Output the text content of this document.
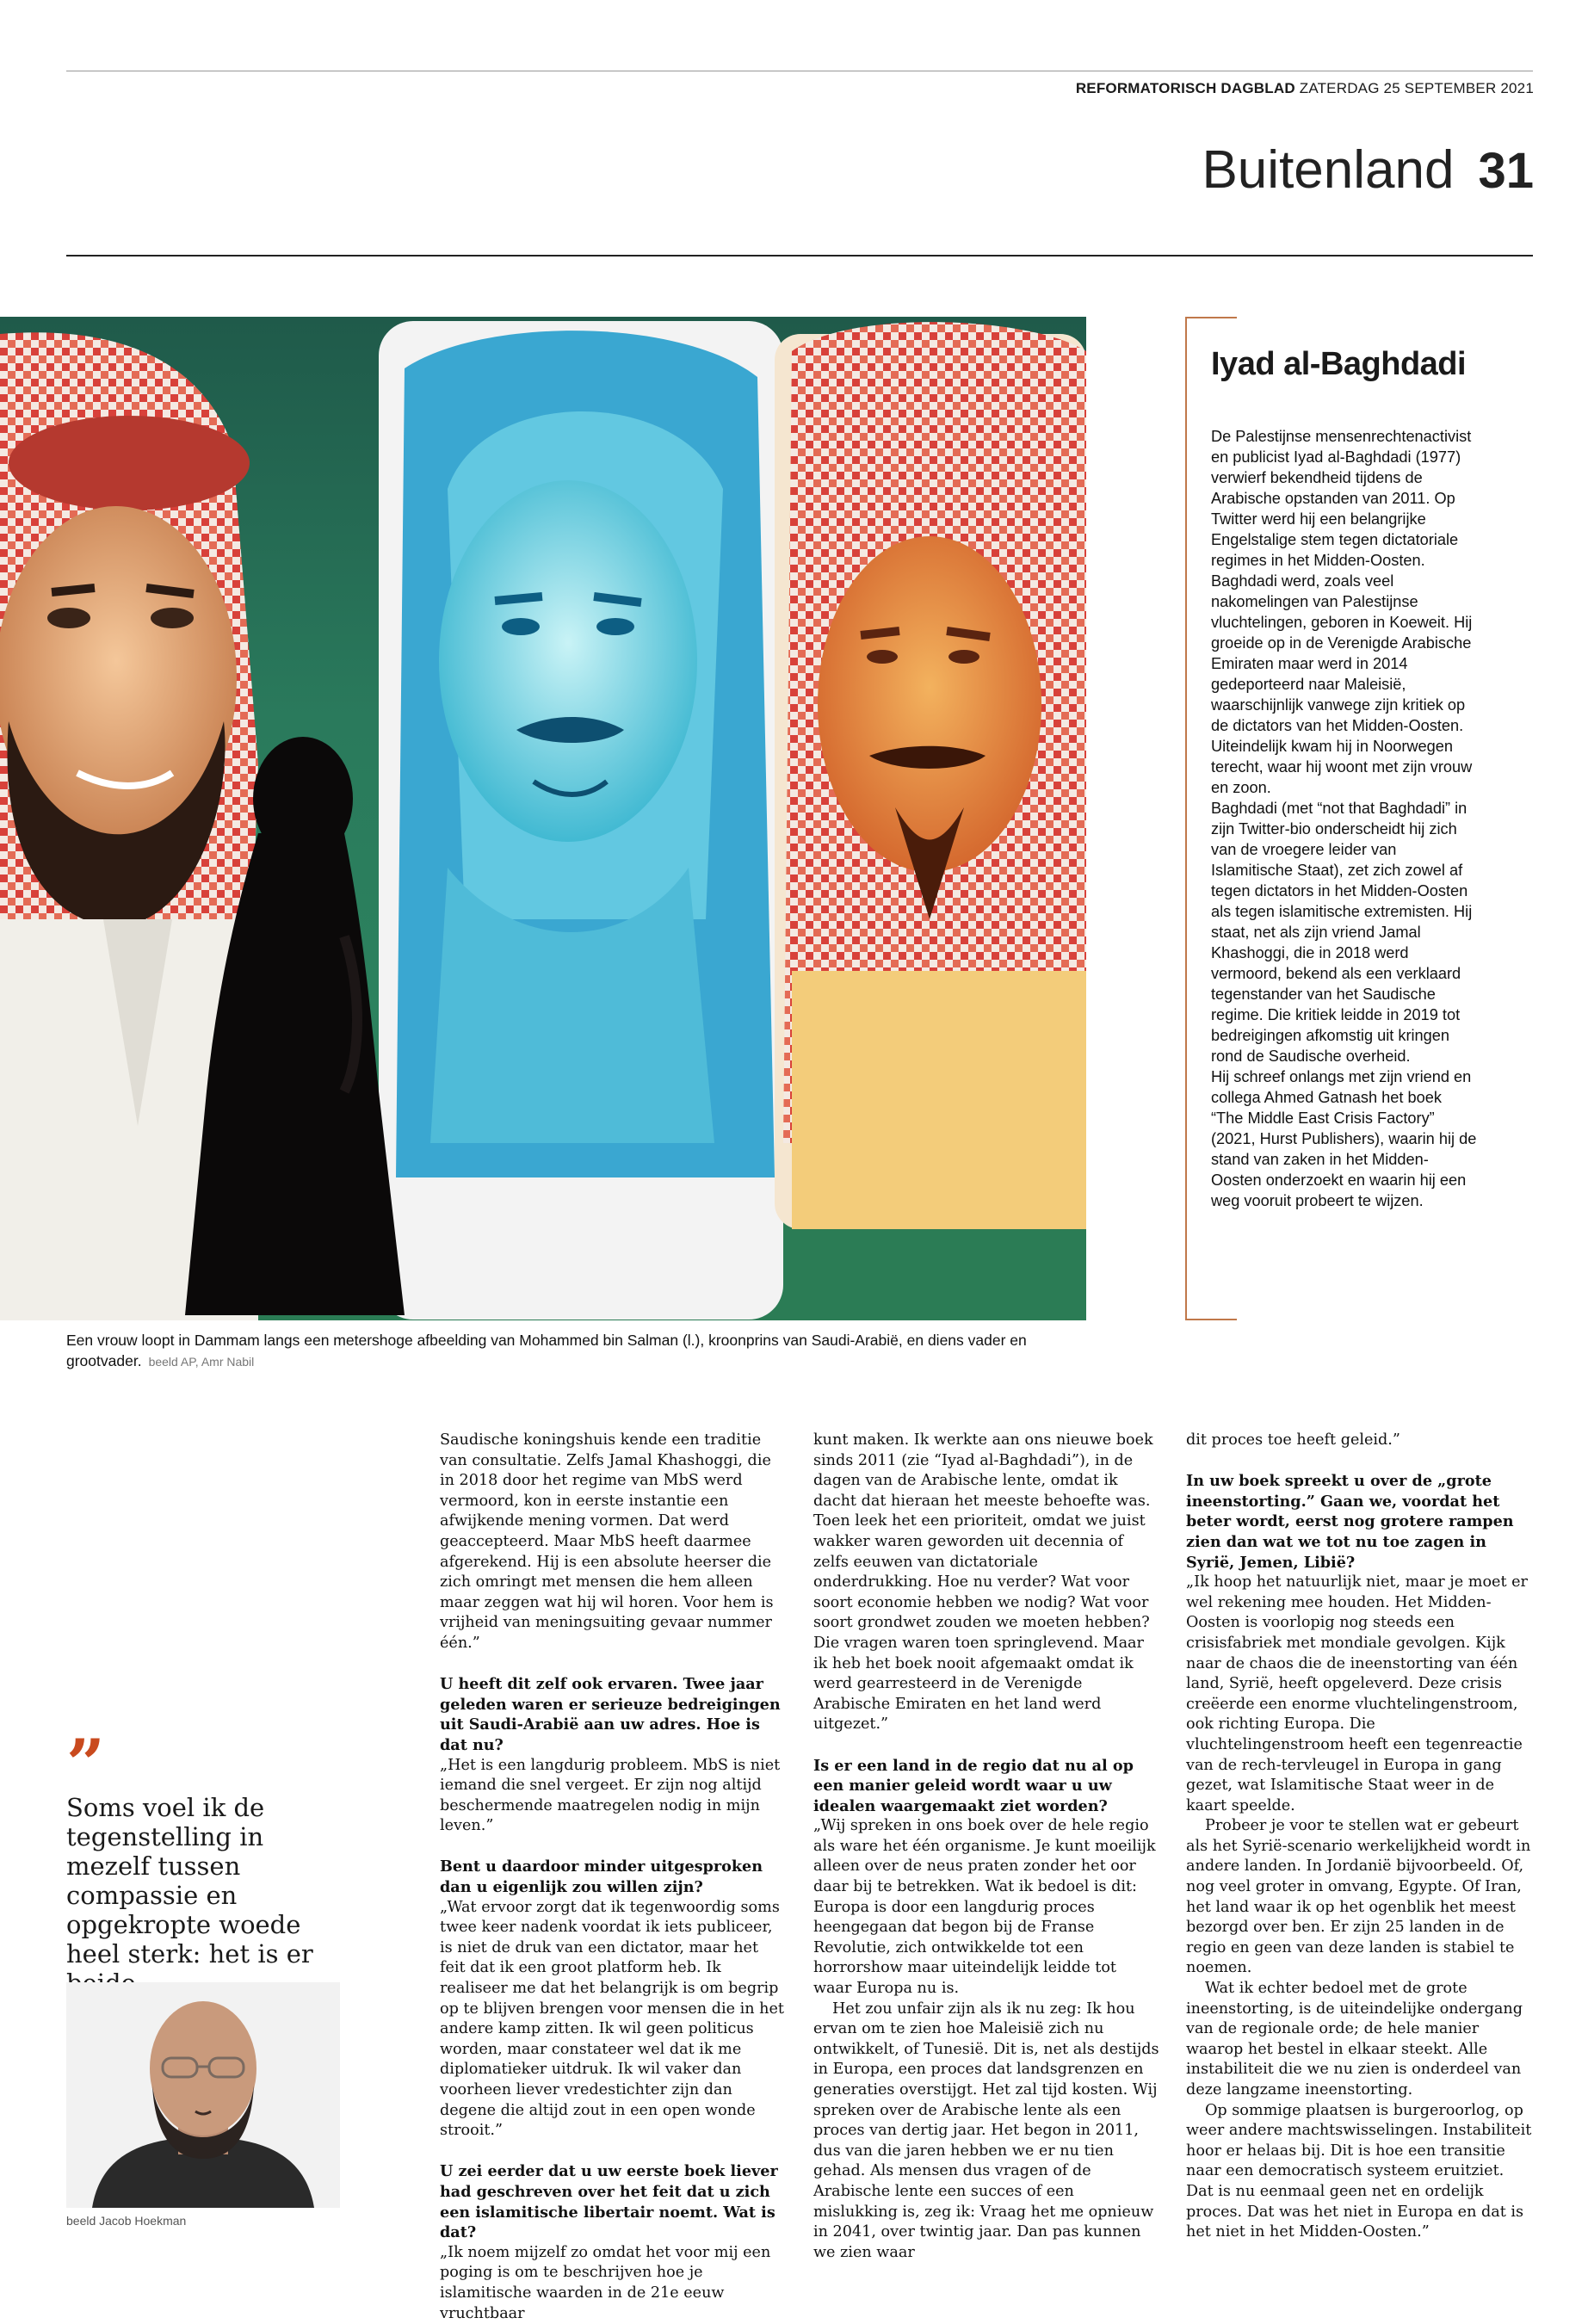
REFORMATORISCH DAGBLAD ZATERDAG 25 SEPTEMBER 2021
Buitenland 31
Iyad al-Baghdadi

De Palestijnse mensenrechtenactivist en publicist Iyad al-Baghdadi (1977) verwierf bekendheid tijdens de Arabische opstanden van 2011. Op Twitter werd hij een belangrijke Engelstalige stem tegen dictatoriale regimes in het Midden-Oosten. Baghdadi werd, zoals veel nakomelingen van Palestijnse vluchtelingen, geboren in Koeweit. Hij groeide op in de Verenigde Arabische Emiraten maar werd in 2014 gedeporteerd naar Maleisië, waarschijnlijk vanwege zijn kritiek op de dictators van het Midden-Oosten. Uiteindelijk kwam hij in Noorwegen terecht, waar hij woont met zijn vrouw en zoon.

Baghdadi (met “not that Baghdadi” in zijn Twitter-bio onderscheidt hij zich van de vroegere leider van Islamitische Staat), zet zich zowel af tegen dictators in het Midden-Oosten als tegen islamitische extremisten. Hij staat, net als zijn vriend Jamal Khashoggi, die in 2018 werd vermoord, bekend als een verklaard tegenstander van het Saudische regime. Die kritiek leidde in 2019 tot bedreigingen afkomstig uit kringen rond de Saudische overheid.

Hij schreef onlangs met zijn vriend en collega Ahmed Gatnash het boek “The Middle East Crisis Factory” (2021, Hurst Publishers), waarin hij de stand van zaken in het Midden-Oosten onderzoekt en waarin hij een weg vooruit probeert te wijzen.

Een vrouw loopt in Dammam langs een metershoge afbeelding van Mohammed bin Salman (l.), kroonprins van Saudi-Arabië, en diens vader en grootvader. beeld AP, Amr Nabil
”
Soms voel ik de tegenstelling in mezelf tussen compassie en opgekropte woede heel sterk: het is er
beeld Jacob Hoekman

Saudische koningshuis kende een traditie van consultatie. Zelfs Jamal Khashoggi, die in 2018 door het regime van MbS werd vermoord, kon in eerste instantie een afwijkende mening vormen. Dat werd geaccepteerd. Maar MbS heeft daarmee afgerekend. Hij is een absolute heerser die zich omringt met mensen die hem alleen maar zeggen wat hij wil horen. Voor hem is vrijheid van meningsuiting gevaar nummer één.”

U heeft dit zelf ook ervaren. Twee jaar geleden waren er serieuze bedreigingen uit Saudi-Arabië aan uw adres. Hoe is dat nu?

„Het is een langdurig probleem. MbS is niet iemand die snel vergeet. Er zijn nog altijd beschermende maatregelen nodig in mijn leven.”

Bent u daardoor minder uitgesproken dan u eigenlijk zou willen zijn?

„Wat ervoor zorgt dat ik tegenwoordig soms twee keer nadenk voordat ik iets publiceer, is niet de druk van een dictator, maar het feit dat ik een groot platform heb. Ik realiseer me dat het belangrijk is om begrip op te blijven brengen voor mensen die in het andere kamp zitten. Ik wil geen politicus worden, maar constateer wel dat ik me diplomatieker uitdruk. Ik wil vaker dan voorheen liever vredestichter zijn dan degene die altijd zout in een open wonde strooit.”

U zei eerder dat u uw eerste boek liever had geschreven over het feit dat u zich een islamitische libertair noemt. Wat is dat?

„Ik noem mijzelf zo omdat het voor mij een poging is om te beschrijven hoe je islamitische waarden in de 21e eeuw vruchtbaar

kunt maken. Ik werkte aan ons nieuwe boek sinds 2011 (zie “Iyad al-Baghdadi”), in de dagen van de Arabische lente, omdat ik dacht dat hieraan het meeste behoefte was. Toen leek het een prioriteit, omdat we juist wakker waren geworden uit decennia of zelfs eeuwen van dictatoriale onderdrukking. Hoe nu verder? Wat voor soort economie hebben we nodig? Wat voor soort grondwet zouden we moeten hebben? Die vragen waren toen springlevend. Maar ik heb het boek nooit afgemaakt omdat ik werd gearresteerd in de Verenigde Arabische Emiraten en het land werd uitgezet.”

Is er een land in de regio dat nu al op een manier geleid wordt waar u uw idealen waargemaakt ziet worden?

„Wij spreken in ons boek over de hele regio als ware het één organisme. Je kunt moeilijk alleen over de neus praten zonder het oor daar bij te betrekken. Wat ik bedoel is dit: Europa is door een langdurig proces heengegaan dat begon bij de Franse Revolutie, zich ontwikkelde tot een horrorshow maar uiteindelijk leidde tot waar Europa nu is.

Het zou unfair zijn als ik nu zeg: Ik hou ervan om te zien hoe Maleisië zich nu ontwikkelt, of Tunesië. Dit is, net als destijds in Europa, een proces dat landsgrenzen en generaties overstijgt. Het zal tijd kosten. Wij spreken over de Arabische lente als een proces van dertig jaar. Het begon in 2011, dus van die jaren hebben we er nu tien gehad. Als mensen dus vragen of de Arabische lente een succes of een mislukking is, zeg ik: Vraag het me opnieuw in 2041, over twintig jaar. Dan pas kunnen we zien waar

dit proces toe heeft geleid.”

In uw boek spreekt u over de „grote ineenstorting.” Gaan we, voordat het beter wordt, eerst nog grotere rampen zien dan wat we tot nu toe zagen in Syrië, Jemen, Libië?

„Ik hoop het natuurlijk niet, maar je moet er wel rekening mee houden. Het Midden-Oosten is voorlopig nog steeds een crisisfabriek met mondiale gevolgen. Kijk naar de chaos die de ineenstorting van één land, Syrië, heeft opgeleverd. Deze crisis creëerde een enorme vluchtelingenstroom, ook richting Europa. Die vluchtelingenstroom heeft een tegenreactie van de rech-tervleugel in Europa in gang gezet, wat Islamitische Staat weer in de kaart speelde.

Probeer je voor te stellen wat er gebeurt als het Syrië-scenario werkelijkheid wordt in andere landen. In Jordanië bijvoorbeeld. Of, nog veel groter in omvang, Egypte. Of Iran, het land waar ik op het ogenblik het meest bezorgd over ben. Er zijn 25 landen in de regio en geen van deze landen is stabiel te noemen.

Wat ik echter bedoel met de grote ineenstorting, is de uiteindelijke ondergang van de regionale orde; de hele manier waarop het bestel in elkaar steekt. Alle instabiliteit die we nu zien is onderdeel van deze langzame ineenstorting.

Op sommige plaatsen is burgeroorlog, op weer andere machtswisselingen. Instabiliteit hoor er helaas bij. Dit is hoe een transitie naar een democratisch systeem eruitziet. Dat is nu eenmaal geen net en ordelijk proces. Dat was het niet in Europa en dat is het niet in het Midden-Oosten.”
